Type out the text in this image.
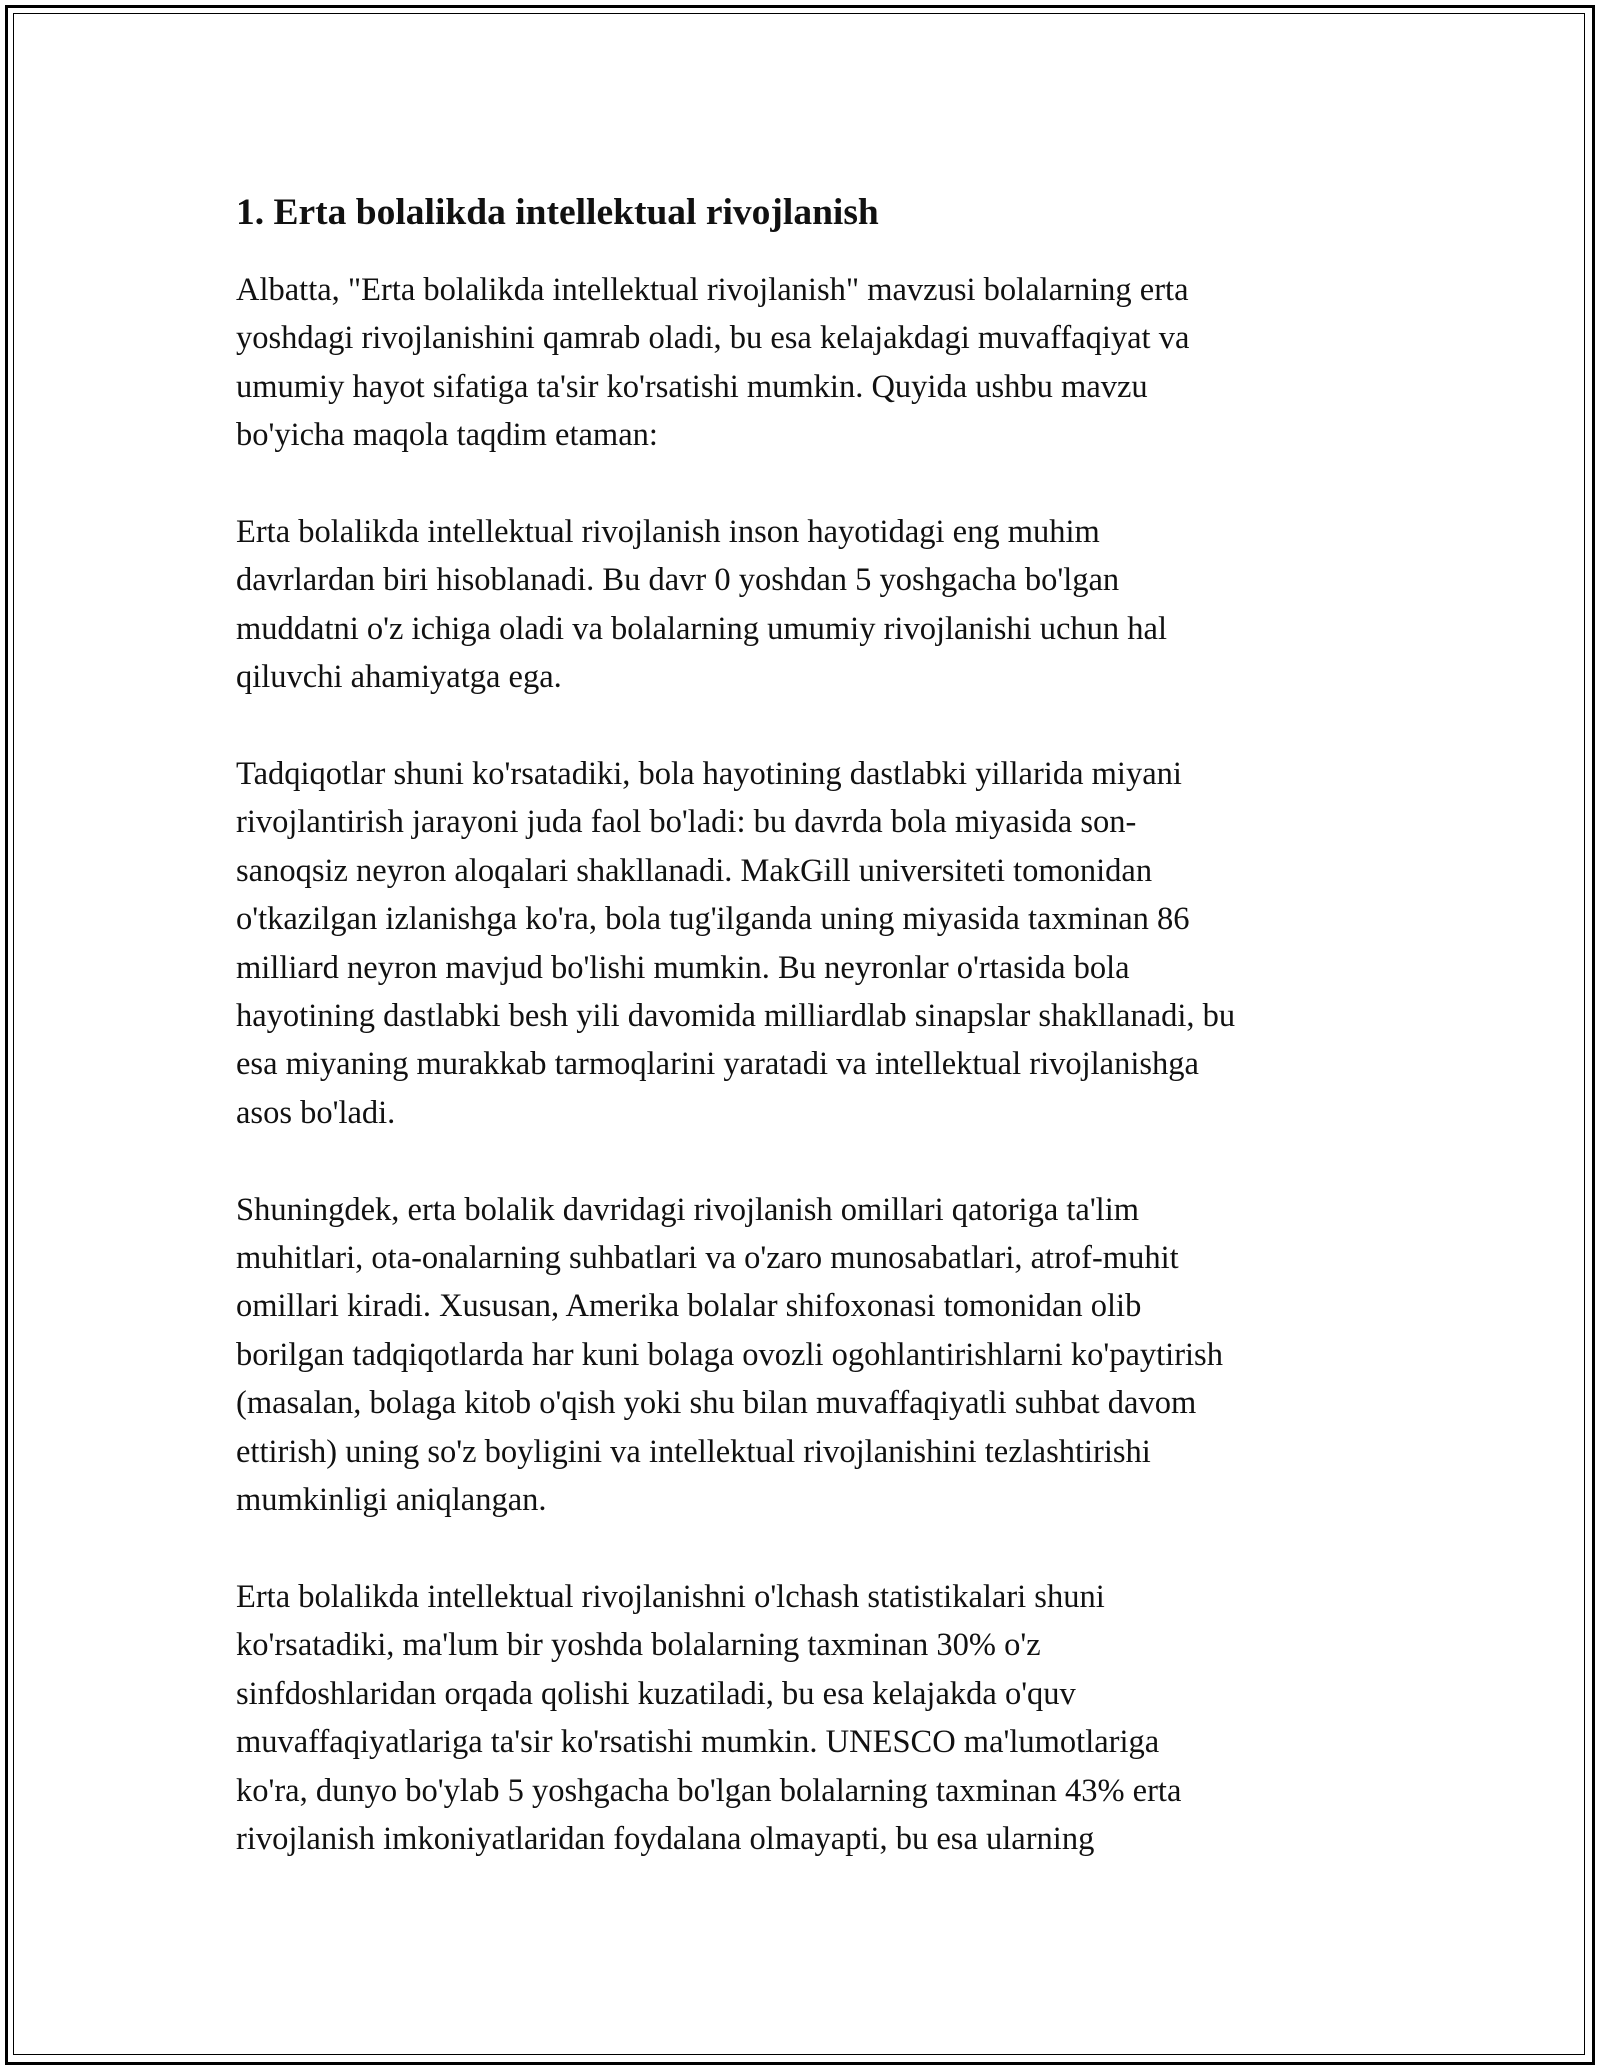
1. Erta bolalikda intellektual rivojlanish

Albatta, "Erta bolalikda intellektual rivojlanish" mavzusi bolalarning erta
yoshdagi rivojlanishini qamrab oladi, bu esa kelajakdagi muvaffaqiyat va
umumiy hayot sifatiga ta'sir ko'rsatishi mumkin. Quyida ushbu mavzu
bo'yicha maqola taqdim etaman:

Erta bolalikda intellektual rivojlanish inson hayotidagi eng muhim
davrlardan biri hisoblanadi. Bu davr 0 yoshdan 5 yoshgacha bo'lgan
muddatni o'z ichiga oladi va bolalarning umumiy rivojlanishi uchun hal
qiluvchi ahamiyatga ega.

Tadqiqotlar shuni ko'rsatadiki, bola hayotining dastlabki yillarida miyani
rivojlantirish jarayoni juda faol bo'ladi: bu davrda bola miyasida son-
sanoqsiz neyron aloqalari shakllanadi. MakGill universiteti tomonidan
o'tkazilgan izlanishga ko'ra, bola tug'ilganda uning miyasida taxminan 86
milliard neyron mavjud bo'lishi mumkin. Bu neyronlar o'rtasida bola
hayotining dastlabki besh yili davomida milliardlab sinapslar shakllanadi, bu
esa miyaning murakkab tarmoqlarini yaratadi va intellektual rivojlanishga
asos bo'ladi.

Shuningdek, erta bolalik davridagi rivojlanish omillari qatoriga ta'lim
muhitlari, ota-onalarning suhbatlari va o'zaro munosabatlari, atrof-muhit
omillari kiradi. Xususan, Amerika bolalar shifoxonasi tomonidan olib
borilgan tadqiqotlarda har kuni bolaga ovozli ogohlantirishlarni ko'paytirish
(masalan, bolaga kitob o'qish yoki shu bilan muvaffaqiyatli suhbat davom
ettirish) uning so'z boyligini va intellektual rivojlanishini tezlashtirishi
mumkinligi aniqlangan.

Erta bolalikda intellektual rivojlanishni o'lchash statistikalari shuni
ko'rsatadiki, ma'lum bir yoshda bolalarning taxminan 30% o'z
sinfdoshlaridan orqada qolishi kuzatiladi, bu esa kelajakda o'quv
muvaffaqiyatlariga ta'sir ko'rsatishi mumkin. UNESCO ma'lumotlariga
ko'ra, dunyo bo'ylab 5 yoshgacha bo'lgan bolalarning taxminan 43% erta
rivojlanish imkoniyatlaridan foydalana olmayapti, bu esa ularning
